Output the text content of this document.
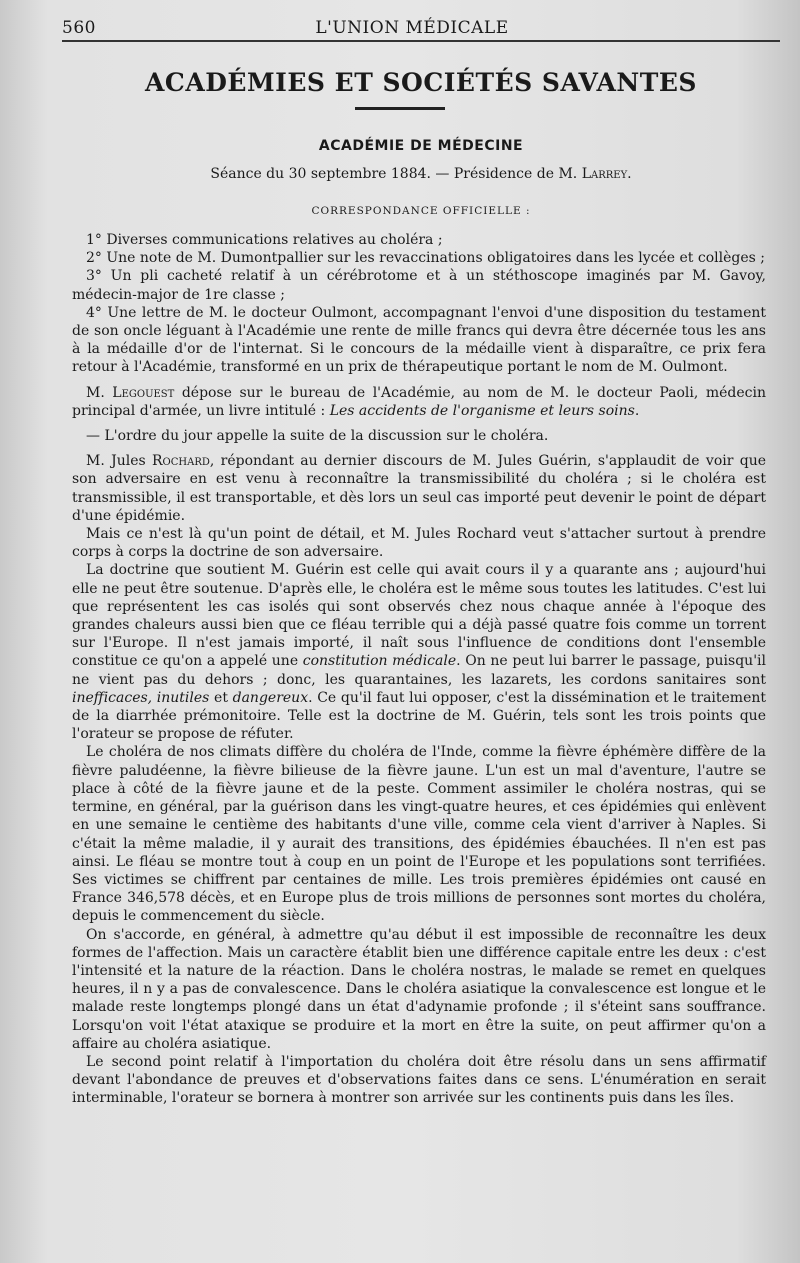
560	L'UNION MÉDICALE
ACADÉMIES ET SOCIÉTÉS SAVANTES
ACADÉMIE DE MÉDECINE
Séance du 30 septembre 1884. — Présidence de M. Larrey.
CORRESPONDANCE OFFICIELLE :

1° Diverses communications relatives au choléra ;

2° Une note de M. Dumontpallier sur les revaccinations obligatoires dans les lycée et collèges ;

3° Un pli cacheté relatif à un cérébrotome et à un stéthoscope imaginés par M. Gavoy, médecin-major de 1re classe ;

4° Une lettre de M. le docteur Oulmont, accompagnant l'envoi d'une disposition du testament de son oncle léguant à l'Académie une rente de mille francs qui devra être décernée tous les ans à la médaille d'or de l'internat. Si le concours de la médaille vient à disparaître, ce prix fera retour à l'Académie, transformé en un prix de thérapeutique portant le nom de M. Oulmont.

M. Legouest dépose sur le bureau de l'Académie, au nom de M. le docteur Paoli, médecin principal d'armée, un livre intitulé : Les accidents de l'organisme et leurs soins.

— L'ordre du jour appelle la suite de la discussion sur le choléra.

M. Jules Rochard, répondant au dernier discours de M. Jules Guérin, s'applaudit de voir que son adversaire en est venu à reconnaître la transmissibilité du choléra ; si le choléra est transmissible, il est transportable, et dès lors un seul cas importé peut devenir le point de départ d'une épidémie.

Mais ce n'est là qu'un point de détail, et M. Jules Rochard veut s'attacher surtout à prendre corps à corps la doctrine de son adversaire.

La doctrine que soutient M. Guérin est celle qui avait cours il y a quarante ans ; aujourd'hui elle ne peut être soutenue. D'après elle, le choléra est le même sous toutes les latitudes. C'est lui que représentent les cas isolés qui sont observés chez nous chaque année à l'époque des grandes chaleurs aussi bien que ce fléau terrible qui a déjà passé quatre fois comme un torrent sur l'Europe. Il n'est jamais importé, il naît sous l'influence de conditions dont l'ensemble constitue ce qu'on a appelé une constitution médicale. On ne peut lui barrer le passage, puisqu'il ne vient pas du dehors ; donc, les quarantaines, les lazarets, les cordons sanitaires sont inefficaces, inutiles et dangereux. Ce qu'il faut lui opposer, c'est la dissémination et le traitement de la diarrhée prémonitoire. Telle est la doctrine de M. Guérin, tels sont les trois points que l'orateur se propose de réfuter.

Le choléra de nos climats diffère du choléra de l'Inde, comme la fièvre éphémère diffère de la fièvre paludéenne, la fièvre bilieuse de la fièvre jaune. L'un est un mal d'aventure, l'autre se place à côté de la fièvre jaune et de la peste. Comment assimiler le choléra nostras, qui se termine, en général, par la guérison dans les vingt-quatre heures, et ces épidémies qui enlèvent en une semaine le centième des habitants d'une ville, comme cela vient d'arriver à Naples. Si c'était la même maladie, il y aurait des transitions, des épidémies ébauchées. Il n'en est pas ainsi. Le fléau se montre tout à coup en un point de l'Europe et les populations sont terrifiées. Ses victimes se chiffrent par centaines de mille. Les trois premières épidémies ont causé en France 346,578 décès, et en Europe plus de trois millions de personnes sont mortes du choléra, depuis le commencement du siècle.

On s'accorde, en général, à admettre qu'au début il est impossible de reconnaître les deux formes de l'affection. Mais un caractère établit bien une différence capitale entre les deux : c'est l'intensité et la nature de la réaction. Dans le choléra nostras, le malade se remet en quelques heures, il n y a pas de convalescence. Dans le choléra asiatique la convalescence est longue et le malade reste longtemps plongé dans un état d'adynamie profonde ; il s'éteint sans souffrance. Lorsqu'on voit l'état ataxique se produire et la mort en être la suite, on peut affirmer qu'on a affaire au choléra asiatique.

Le second point relatif à l'importation du choléra doit être résolu dans un sens affirmatif devant l'abondance de preuves et d'observations faites dans ce sens. L'énumération en serait interminable, l'orateur se bornera à montrer son arrivée sur les continents puis dans les îles.
